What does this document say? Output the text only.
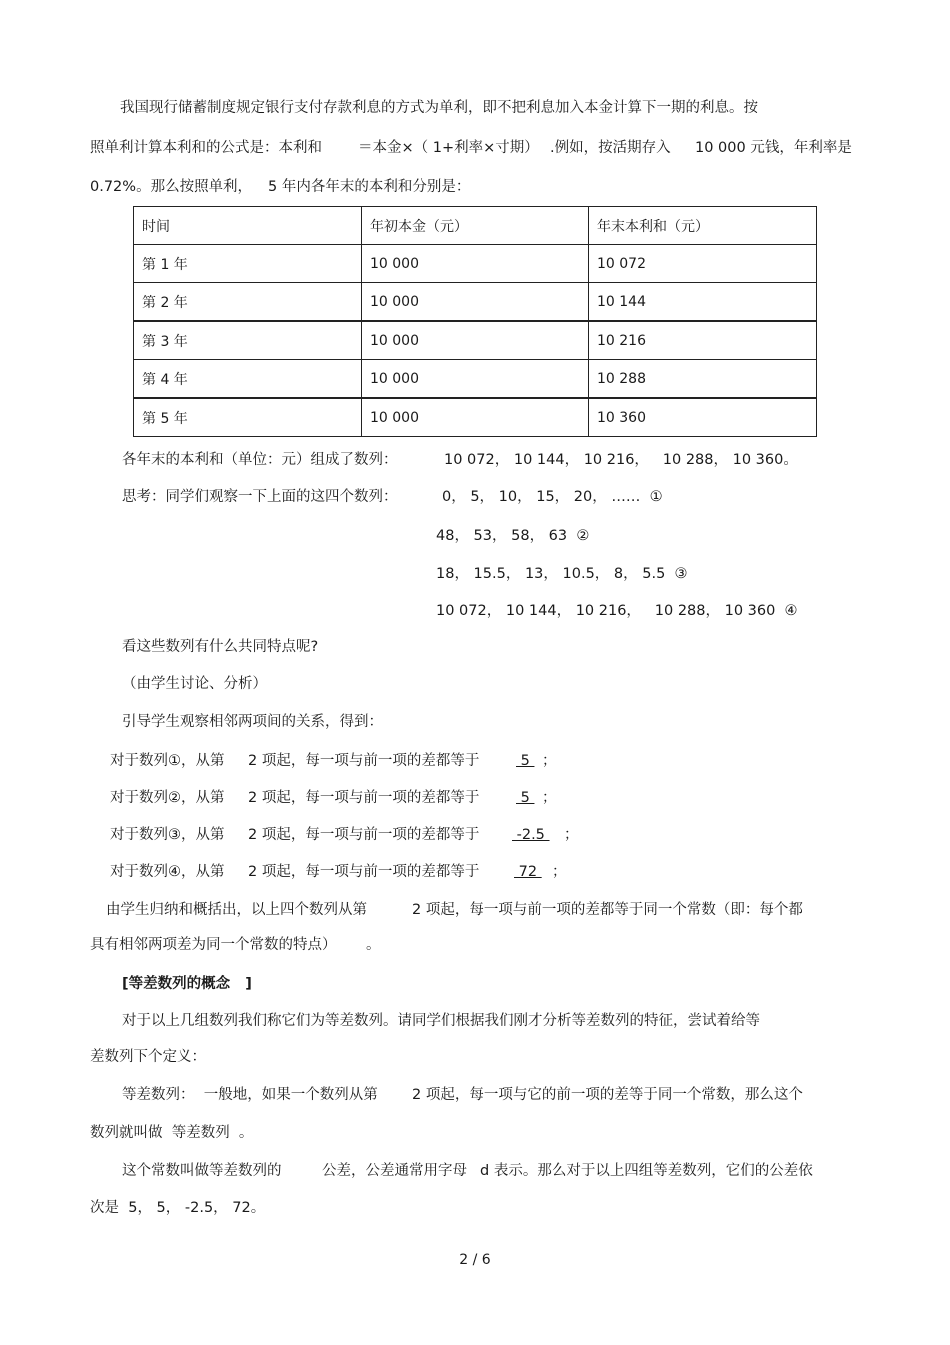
我国现行储蓄制度规定银行支付存款利息的方式为单利，即不把利息加入本金计算下一期的利息。按
照单利计算本利和的公式是：本利和 ＝本金×（ 1+利率×寸期） .例如，按活期存入 10 000 元钱，年利率是
0.72%。那么按照单利， 5 年内各年末的本利和分别是：
时间	年初本金（元）	年末本利和（元）
第 1 年	10 000	10 072
第 2 年	10 000	10 144
第 3 年	10 000	10 216
第 4 年	10 000	10 288
第 5 年	10 000	10 360
各年末的本利和（单位：元）组成了数列：	10 072， 10 144， 10 216，   10 288， 10 360。
思考：同学们观察一下上面的这四个数列：	0， 5， 10， 15， 20， ……  ①
48， 53， 58， 63  ②
18， 15.5， 13， 10.5， 8， 5.5  ③
10 072， 10 144， 10 216，   10 288， 10 360  ④
看这些数列有什么共同特点呢?
（由学生讨论、分析）
引导学生观察相邻两项间的关系，得到：
对于数列①，从第 2 项起，每一项与前一项的差都等于	5 ；
对于数列②，从第 2 项起，每一项与前一项的差都等于	5 ；
对于数列③，从第 2 项起，每一项与前一项的差都等于 -2.5 ；
对于数列④，从第 2 项起，每一项与前一项的差都等于 72 ；
由学生归纳和概括出，以上四个数列从第	2 项起，每一项与前一项的差都等于同一个常数（即：每个都
具有相邻两项差为同一个常数的特点） 。
[等差数列的概念   ]
对于以上几组数列我们称它们为等差数列。请同学们根据我们刚才分析等差数列的特征，尝试着给等
差数列下个定义：
等差数列：  一般地，如果一个数列从第 2 项起，每一项与它的前一项的差等于同一个常数，那么这个
数列就叫做  等差数列  。
这个常数叫做等差数列的	公差，公差通常用字母 d 表示。那么对于以上四组等差数列，它们的公差依
次是  5， 5， -2.5， 72。
2 / 6
